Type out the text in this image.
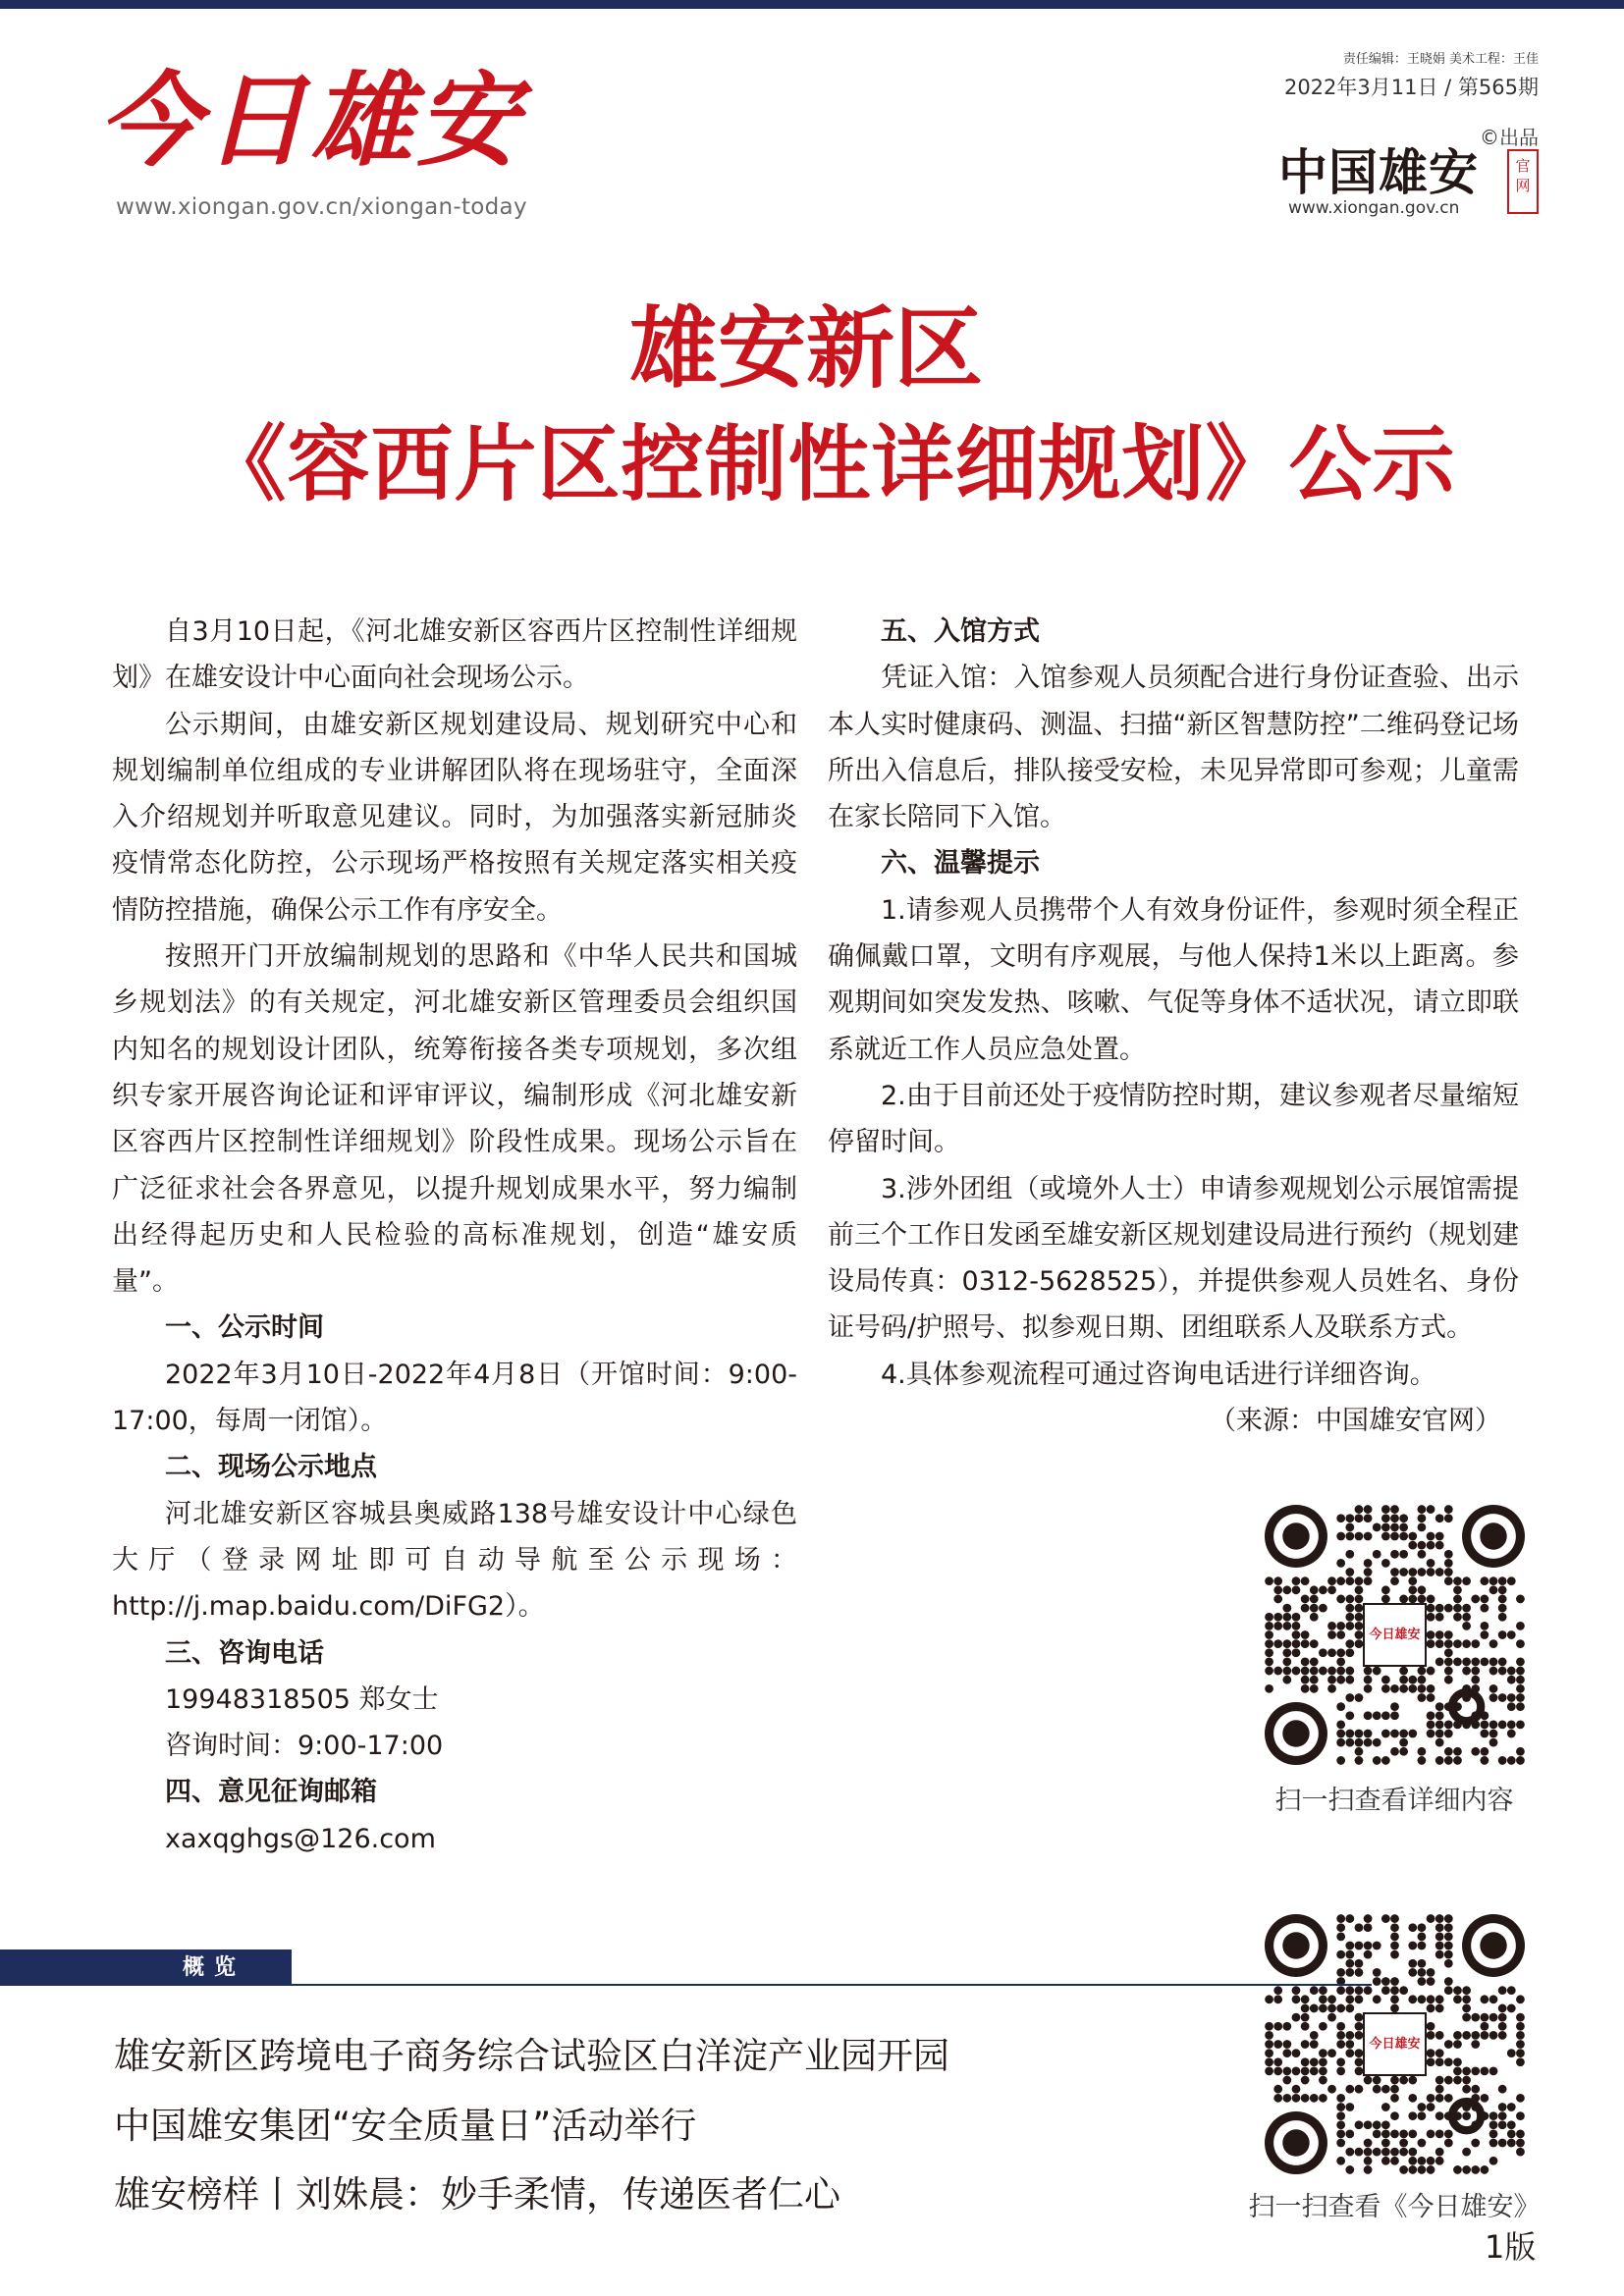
今日雄安
www.xiongan.gov.cn/xiongan-today
责任编辑：王晓娟 美术工程：王佳
2022年3月11日 / 第565期
©出品
中国雄安	官网
www.xiongan.gov.cn
雄安新区
《容西片区控制性详细规划》公示

自3月10日起，《河北雄安新区容西片区控制性详细规划》在雄安设计中心面向社会现场公示。

公示期间，由雄安新区规划建设局、规划研究中心和规划编制单位组成的专业讲解团队将在现场驻守，全面深入介绍规划并听取意见建议。同时，为加强落实新冠肺炎疫情常态化防控，公示现场严格按照有关规定落实相关疫情防控措施，确保公示工作有序安全。

按照开门开放编制规划的思路和《中华人民共和国城乡规划法》的有关规定，河北雄安新区管理委员会组织国内知名的规划设计团队，统筹衔接各类专项规划，多次组织专家开展咨询论证和评审评议，编制形成《河北雄安新区容西片区控制性详细规划》阶段性成果。现场公示旨在广泛征求社会各界意见，以提升规划成果水平，努力编制出经得起历史和人民检验的高标准规划，创造“雄安质量”。

一、公示时间

2022年3月10日-2022年4月8日（开馆时间：9:00-17:00，每周一闭馆）。

二、现场公示地点

河北雄安新区容城县奥威路138号雄安设计中心绿色大厅（登录网址即可自动导航至公示现场：http://j.map.baidu.com/DiFG2）。

三、咨询电话

19948318505 郑女士

咨询时间：9:00-17:00

四、意见征询邮箱

xaxqghgs@126.com

五、入馆方式

凭证入馆：入馆参观人员须配合进行身份证查验、出示本人实时健康码、测温、扫描“新区智慧防控”二维码登记场所出入信息后，排队接受安检，未见异常即可参观；儿童需在家长陪同下入馆。

六、温馨提示

1.请参观人员携带个人有效身份证件，参观时须全程正确佩戴口罩，文明有序观展，与他人保持1米以上距离。参观期间如突发发热、咳嗽、气促等身体不适状况，请立即联系就近工作人员应急处置。

2.由于目前还处于疫情防控时期，建议参观者尽量缩短停留时间。

3.涉外团组（或境外人士）申请参观规划公示展馆需提前三个工作日发函至雄安新区规划建设局进行预约（规划建设局传真：0312-5628525），并提供参观人员姓名、身份证号码/护照号、拟参观日期、团组联系人及联系方式。

4.具体参观流程可通过咨询电话进行详细咨询。

（来源：中国雄安官网）

今日雄安
扫一扫查看详细内容
今日雄安
扫一扫查看《今日雄安》
1版
概览
雄安新区跨境电子商务综合试验区白洋淀产业园开园
中国雄安集团“安全质量日”活动举行
雄安榜样丨刘姝晨：妙手柔情，传递医者仁心
